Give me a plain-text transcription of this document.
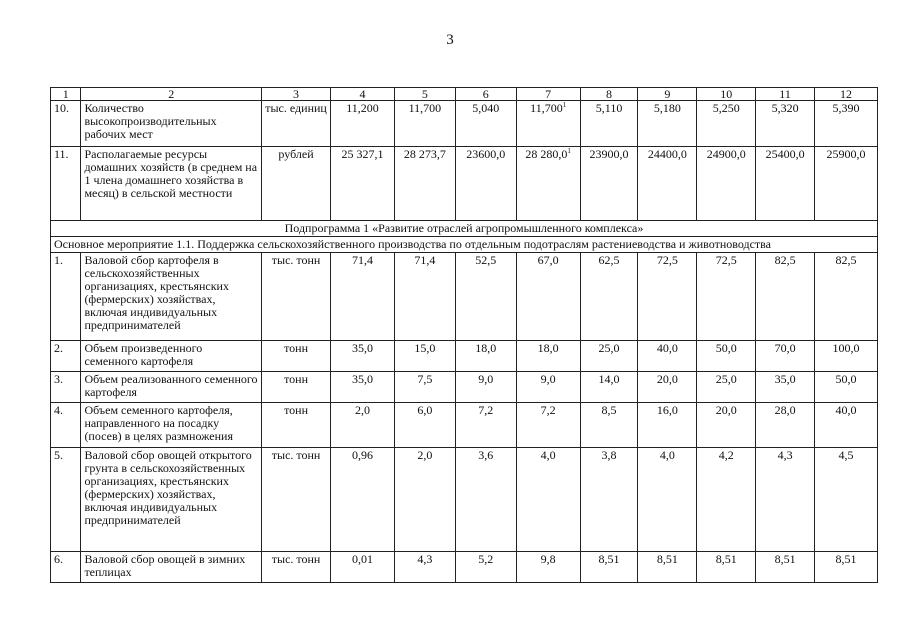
3
1	2	3	4	5	6	7	8	9	10	11	12
10.	Количество высокопроизводительных рабочих мест	тыс. единиц	11,200	11,700	5,040	11,700$^1$	5,110	5,180	5,250	5,320	5,390
11.	Располагаемые ресурсы домашних хозяйств (в среднем на 1 члена домашнего хозяйства в месяц) в сельской местности	рублей	25 327,1	28 273,7	23600,0	28 280,0$^1$	23900,0	24400,0	24900,0	25400,0	25900,0
Подпрограмма 1 «Развитие отраслей агропромышленного комплекса»											
Основное мероприятие 1.1. Поддержка сельскохозяйственного производства по отдельным подотраслям растениеводства и животноводства											
1.	Валовой сбор картофеля в сельскохозяйственных организациях, крестьянских (фермерских) хозяйствах, включая индивидуальных предпринимателей	тыс. тонн	71,4	71,4	52,5	67,0	62,5	72,5	72,5	82,5	82,5
2.	Объем произведенного семенного картофеля	тонн	35,0	15,0	18,0	18,0	25,0	40,0	50,0	70,0	100,0
3.	Объем реализованного семенного картофеля	тонн	35,0	7,5	9,0	9,0	14,0	20,0	25,0	35,0	50,0
4.	Объем семенного картофеля, направленного на посадку (посев) в целях размножения	тонн	2,0	6,0	7,2	7,2	8,5	16,0	20,0	28,0	40,0
5.	Валовой сбор овощей открытого грунта в сельскохозяйственных организациях, крестьянских (фермерских) хозяйствах, включая индивидуальных предпринимателей	тыс. тонн	0,96	2,0	3,6	4,0	3,8	4,0	4,2	4,3	4,5
6.	Валовой сбор овощей в зимних теплицах	тыс. тонн	0,01	4,3	5,2	9,8	8,51	8,51	8,51	8,51	8,51
